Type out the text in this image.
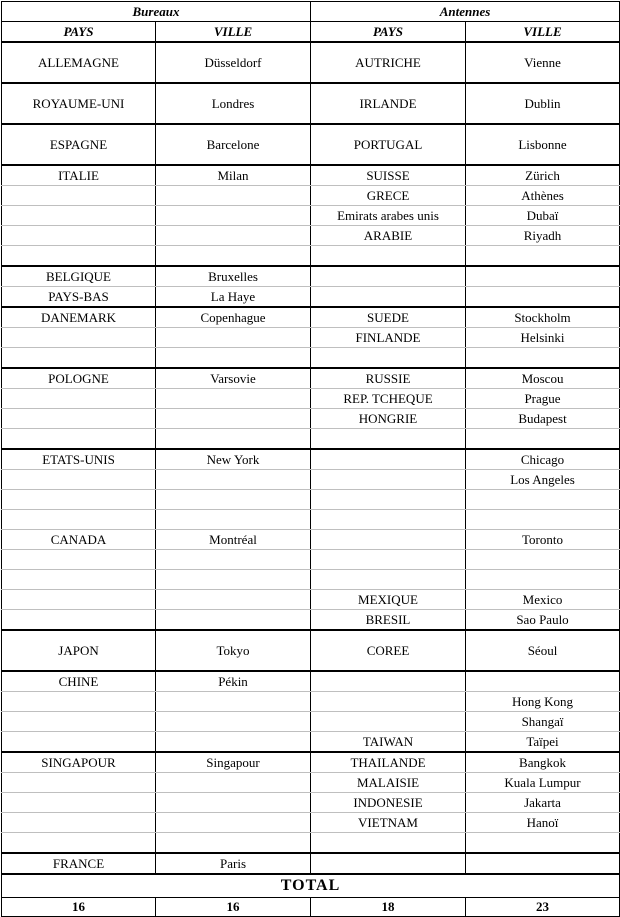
Bureaux		Antennes	
PAYS	VILLE	PAYS	VILLE
ALLEMAGNE	Düsseldorf	AUTRICHE	Vienne
ROYAUME-UNI	Londres	IRLANDE	Dublin
ESPAGNE	Barcelone	PORTUGAL	Lisbonne
ITALIE	Milan	SUISSE	Zürich
		GRECE	Athènes
		Emirats arabes unis	Dubaï
		ARABIE	Riyadh

BELGIQUE	Bruxelles		
PAYS-BAS	La Haye		
DANEMARK	Copenhague	SUEDE	Stockholm
		FINLANDE	Helsinki

POLOGNE	Varsovie	RUSSIE	Moscou
		REP. TCHEQUE	Prague
		HONGRIE	Budapest

ETATS-UNIS	New York		Chicago
			Los Angeles

CANADA	Montréal		Toronto

		MEXIQUE	Mexico
		BRESIL	Sao Paulo
JAPON	Tokyo	COREE	Séoul
CHINE	Pékin		
			Hong Kong
			Shangaï
		TAIWAN	Taïpei
SINGAPOUR	Singapour	THAILANDE	Bangkok
		MALAISIE	Kuala Lumpur
		INDONESIE	Jakarta
		VIETNAM	Hanoï

FRANCE	Paris		
TOTAL			
16	16	18	23
